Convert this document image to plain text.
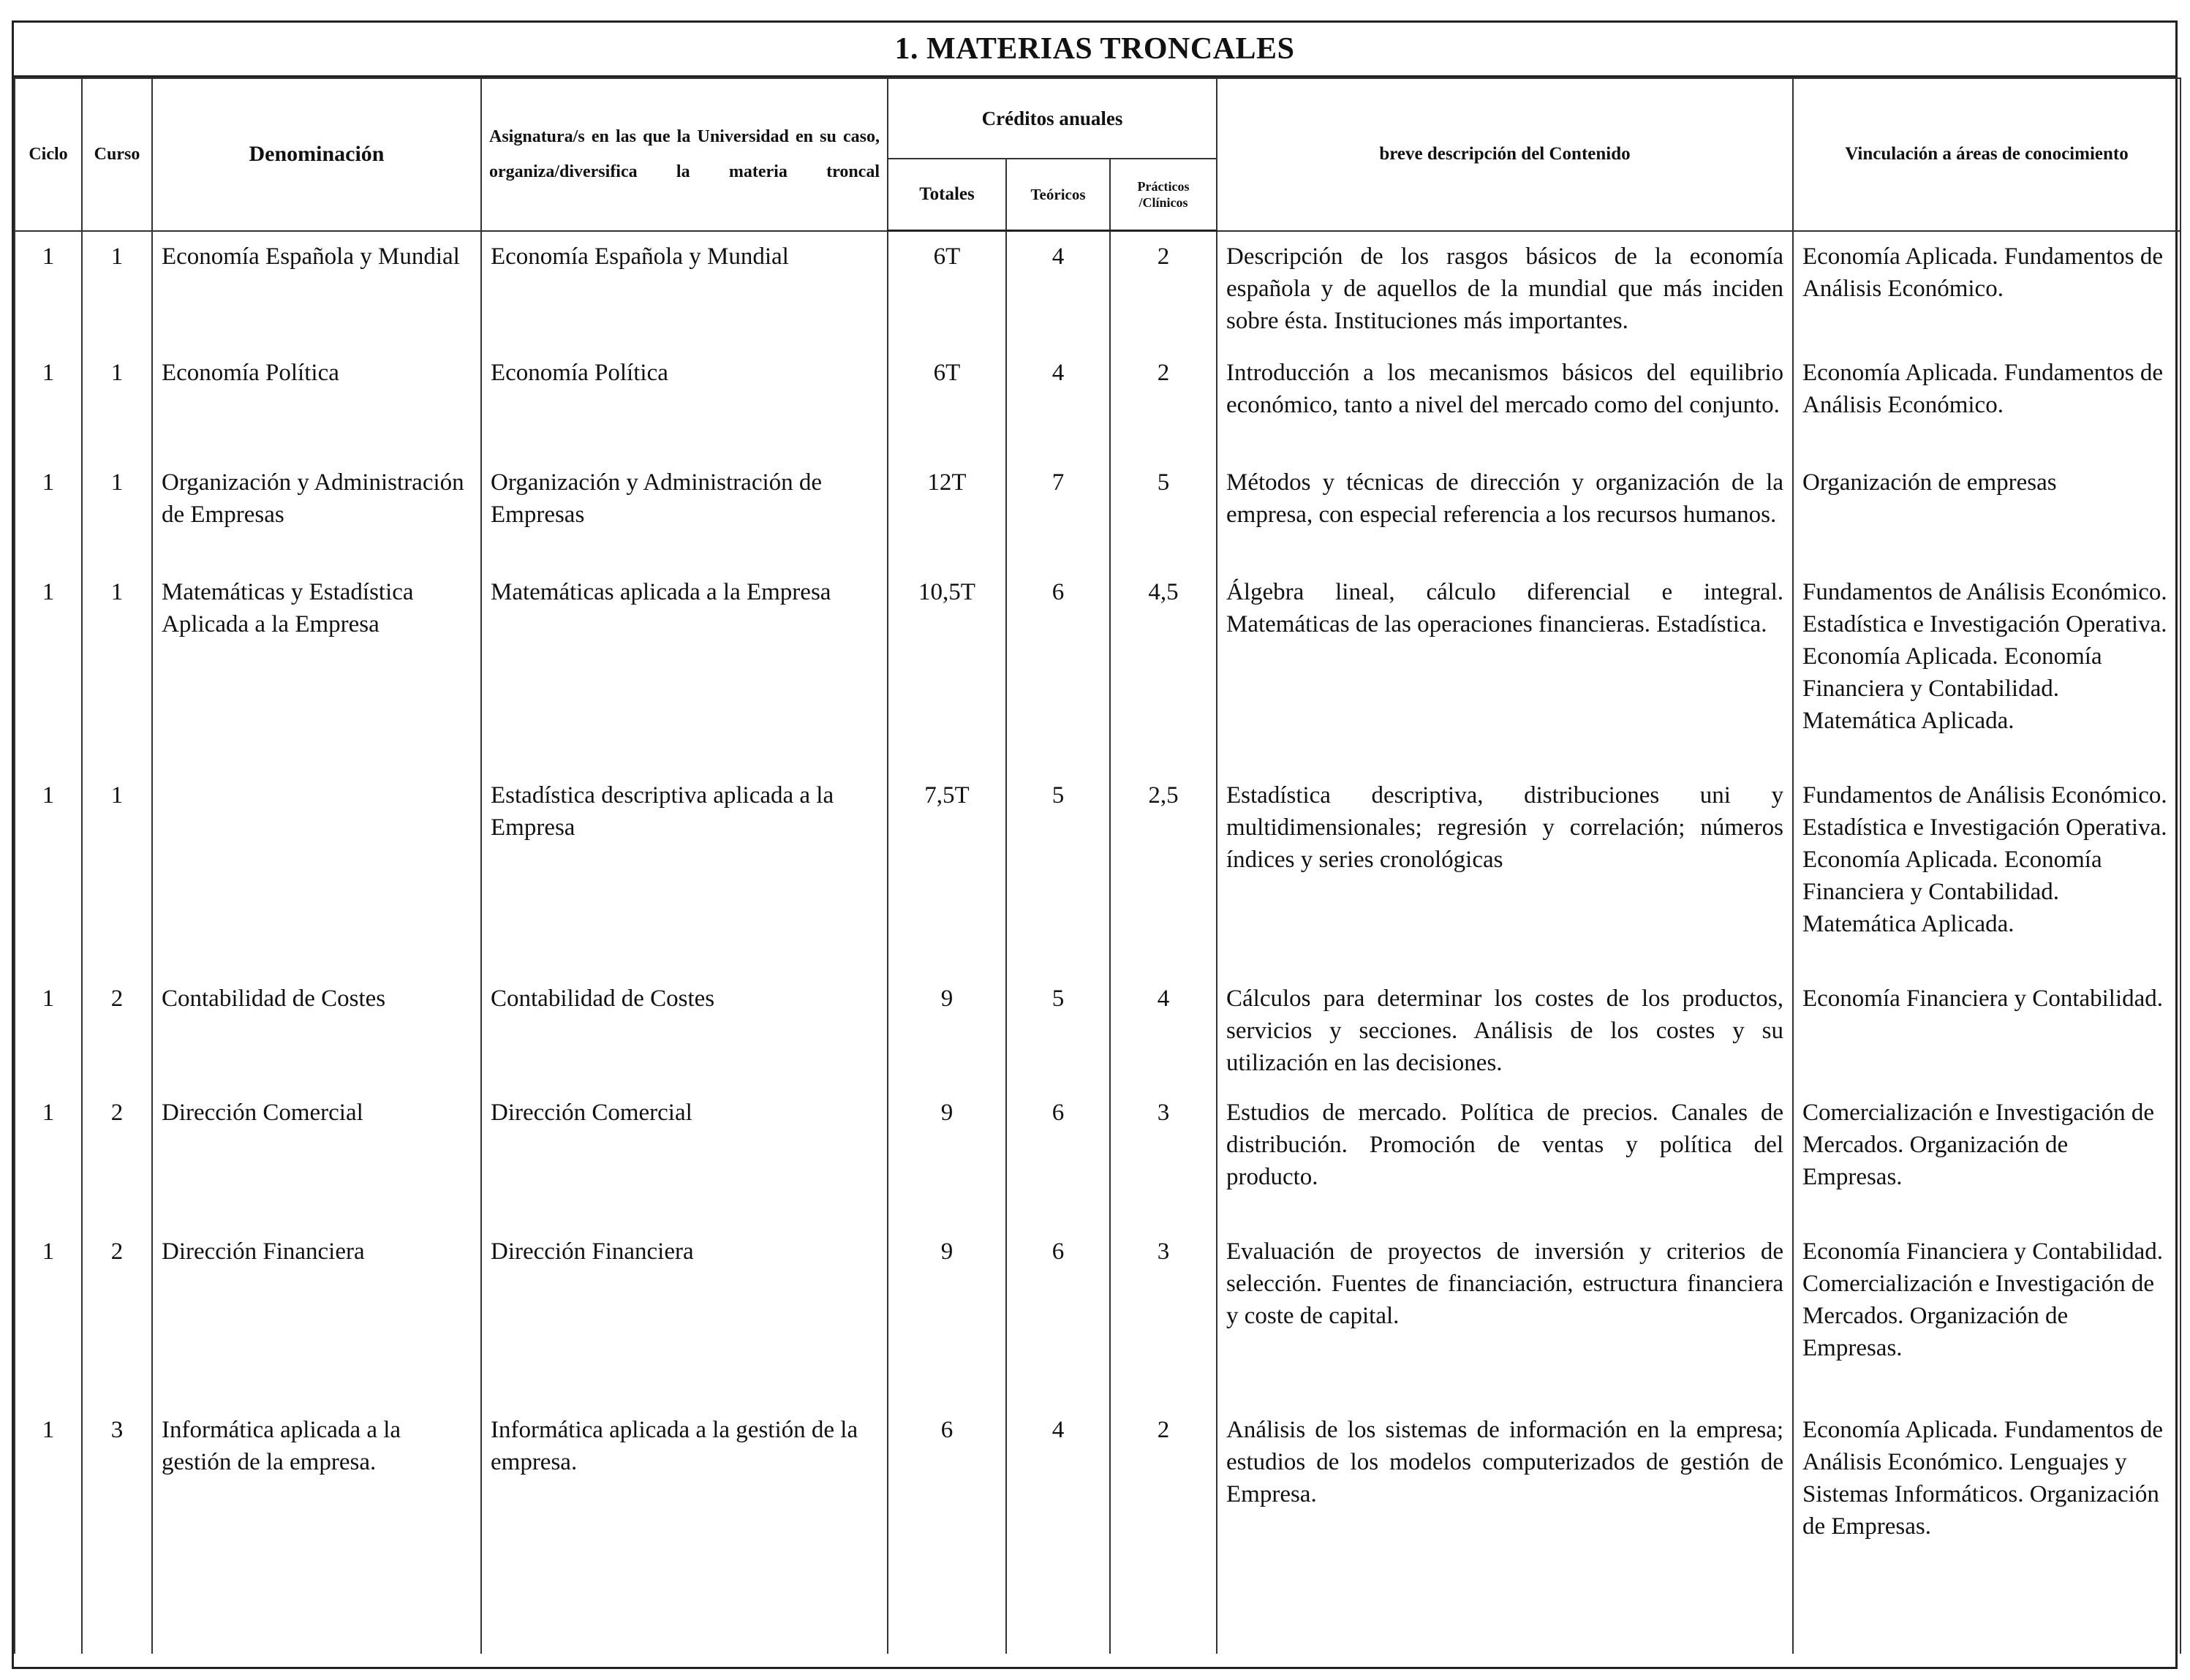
1. MATERIAS TRONCALES
Ciclo	Curso	Denominación	Asignatura/s en las que la Universidad en su caso, organiza/diversifica la materia troncal	Créditos anuales			breve descripción del Contenido	Vinculación a áreas de conocimiento
				Totales	Teóricos	Prácticos /Clínicos		
1	1	Economía Española y Mundial	Economía Española y Mundial	6T	4	2	Descripción de los rasgos básicos de la economía española y de aquellos de la mundial que más inciden sobre ésta. Instituciones más importantes.	Economía Aplicada. Fundamentos de Análisis Económico.
1	1	Economía Política	Economía Política	6T	4	2	Introducción a los mecanismos básicos del equilibrio económico, tanto a nivel del mercado como del conjunto.	Economía Aplicada. Fundamentos de Análisis Económico.
1	1	Organización y Administración de Empresas	Organización y Administración de Empresas	12T	7	5	Métodos y técnicas de dirección y organización de la empresa, con especial referencia a los recursos humanos.	Organización de empresas
1	1	Matemáticas y Estadística Aplicada a la Empresa	Matemáticas aplicada a la Empresa	10,5T	6	4,5	Álgebra lineal, cálculo diferencial e integral. Matemáticas de las operaciones financieras. Estadística.	Fundamentos de Análisis Económico. Estadística e Investigación Operativa. Economía Aplicada. Economía Financiera y Contabilidad. Matemática Aplicada.
1	1		Estadística descriptiva aplicada a la Empresa	7,5T	5	2,5	Estadística descriptiva, distribuciones uni y multidimensionales; regresión y correlación; números índices y series cronológicas	Fundamentos de Análisis Económico. Estadística e Investigación Operativa. Economía Aplicada. Economía Financiera y Contabilidad. Matemática Aplicada.
1	2	Contabilidad de Costes	Contabilidad de Costes	9	5	4	Cálculos para determinar los costes de los productos, servicios y secciones. Análisis de los costes y su utilización en las decisiones.	Economía Financiera y Contabilidad.
1	2	Dirección Comercial	Dirección Comercial	9	6	3	Estudios de mercado. Política de precios. Canales de distribución. Promoción de ventas y política del producto.	Comercialización e Investigación de Mercados. Organización de Empresas.
1	2	Dirección Financiera	Dirección Financiera	9	6	3	Evaluación de proyectos de inversión y criterios de selección. Fuentes de financiación, estructura financiera y coste de capital.	Economía Financiera y Contabilidad. Comercialización e Investigación de Mercados. Organización de Empresas.
1	3	Informática aplicada a la gestión de la empresa.	Informática aplicada a la gestión de la empresa.	6	4	2	Análisis de los sistemas de información en la empresa; estudios de los modelos computerizados de gestión de Empresa.	Economía Aplicada. Fundamentos de Análisis Económico. Lenguajes y Sistemas Informáticos. Organización de Empresas.
